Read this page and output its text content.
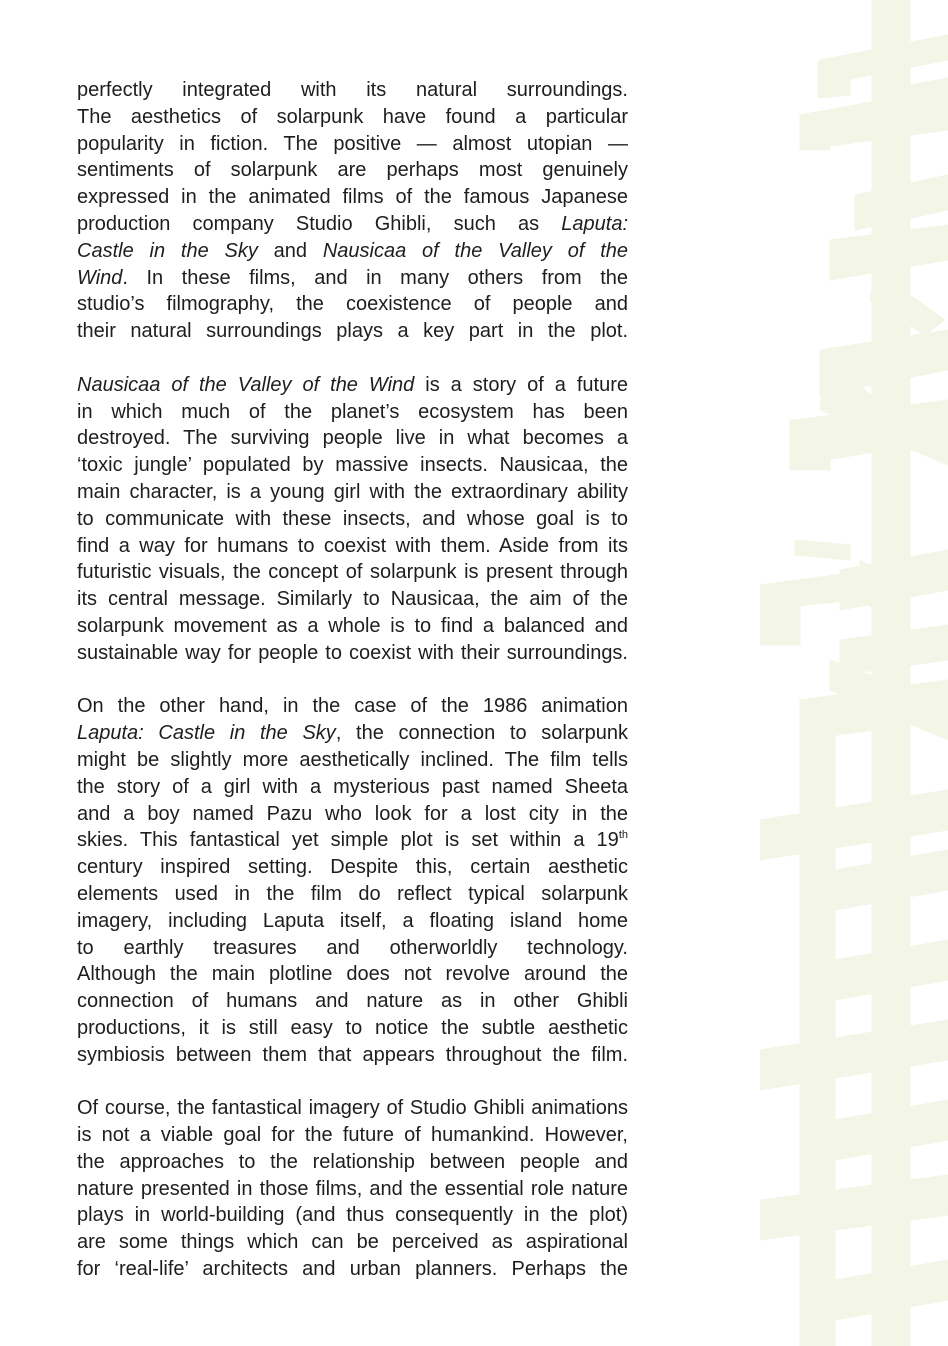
perfectly integrated with its natural surroundings.
The aesthetics of solarpunk have found a particular
popularity in fiction. The positive — almost utopian —
sentiments of solarpunk are perhaps most genuinely
expressed in the animated films of the famous Japanese
production company Studio Ghibli, such as Laputa:
Castle in the Sky and Nausicaa of the Valley of the
Wind. In these films, and in many others from the
studio’s filmography, the coexistence of people and
their natural surroundings plays a key part in the plot.
Nausicaa of the Valley of the Wind is a story of a future
in which much of the planet’s ecosystem has been
destroyed. The surviving people live in what becomes a
‘toxic jungle’ populated by massive insects. Nausicaa, the
main character, is a young girl with the extraordinary ability
to communicate with these insects, and whose goal is to
find a way for humans to coexist with them. Aside from its
futuristic visuals, the concept of solarpunk is present through
its central message. Similarly to Nausicaa, the aim of the
solarpunk movement as a whole is to find a balanced and
sustainable way for people to coexist with their surroundings.
On the other hand, in the case of the 1986 animation
Laputa: Castle in the Sky, the connection to solarpunk
might be slightly more aesthetically inclined. The film tells
the story of a girl with a mysterious past named Sheeta
and a boy named Pazu who look for a lost city in the
skies. This fantastical yet simple plot is set within a 19th
century inspired setting. Despite this, certain aesthetic
elements used in the film do reflect typical solarpunk
imagery, including Laputa itself, a floating island home
to earthly treasures and otherworldly technology.
Although the main plotline does not revolve around the
connection of humans and nature as in other Ghibli
productions, it is still easy to notice the subtle aesthetic
symbiosis between them that appears throughout the film.
Of course, the fantastical imagery of Studio Ghibli animations
is not a viable goal for the future of humankind. However,
the approaches to the relationship between people and
nature presented in those films, and the essential role nature
plays in world-building (and thus consequently in the plot)
are some things which can be perceived as aspirational
for ‘real-life’ architects and urban planners. Perhaps the
